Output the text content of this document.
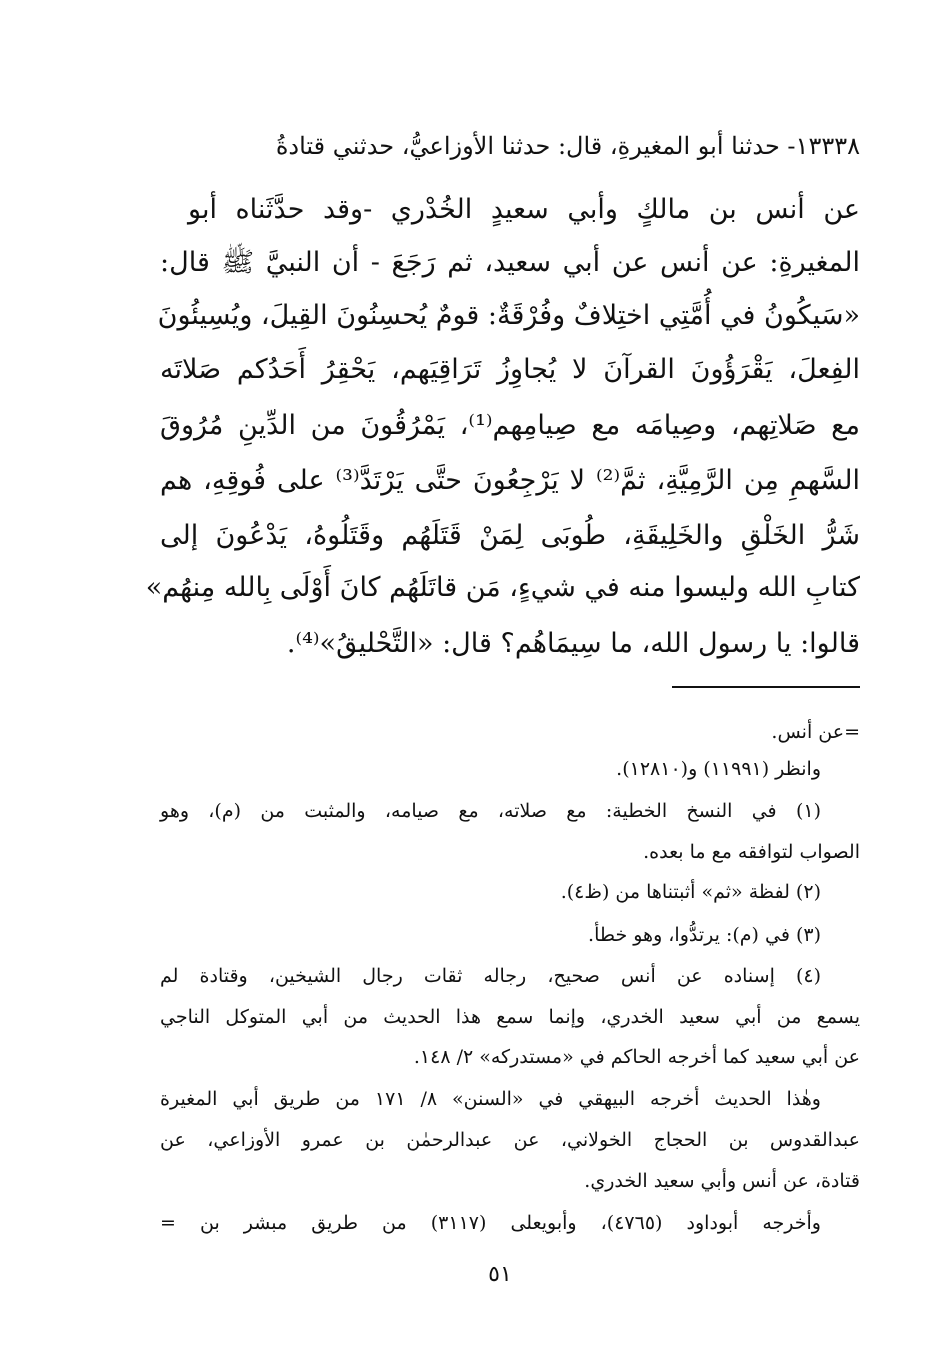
١٣٣٣٨- حدثنا أبو المغيرةِ، قال: حدثنا الأوزاعيُّ، حدثني قتادةُ
عن أنس بن مالكٍ وأبي سعيدٍ الخُدْري -وقد حدَّثَناه أبو
المغيرةِ: عن أنس عن أبي سعيد، ثم رَجَعَ - أن النبيَّ ﷺ قال:
«سَيكُونُ في أُمَّتِي اختِلافٌ وفُرْقَةٌ: قومٌ يُحسِنُونَ القِيلَ، ويُسِيئُونَ
الفِعلَ، يَقْرَؤُونَ القرآنَ لا يُجاوِزُ تَرَاقِيَهم، يَحْقِرُ أَحَدُكم صَلاتَه
مع صَلاتِهم، وصِيامَه مع صِيامِهم⁽¹⁾، يَمْرُقُونَ من الدِّينِ مُرُوقَ
السَّهمِ مِن الرَّمِيَّةِ، ثمَّ⁽²⁾ لا يَرْجِعُونَ حتَّى يَرْتَدَّ⁽³⁾ على فُوقِهِ، هم
شَرُّ الخَلْقِ والخَلِيقَةِ، طُوبَى لِمَنْ قَتَلَهُم وقَتَلُوهُ، يَدْعُونَ إلى
كتابِ الله وليسوا منه في شيءٍ، مَن قاتَلَهُم كانَ أَوْلَى بِالله مِنهُم»
قالوا: يا رسول الله، ما سِيمَاهُم؟ قال: «التَّحْليقُ»⁽⁴⁾.
=عن أنس.
وانظر (١١٩٩١) و(١٢٨١٠).
(١) في النسخ الخطية: مع صلاته، مع صيامه، والمثبت من (م)، وهو
الصواب لتوافقه مع ما بعده.
(٢) لفظة «ثم» أثبتناها من (ظ٤).
(٣) في (م): يرتدُّوا، وهو خطأ.
(٤) إسناده عن أنس صحيح، رجاله ثقات رجال الشيخين، وقتادة لم
يسمع من أبي سعيد الخدري، وإنما سمع هذا الحديث من أبي المتوكل الناجي
عن أبي سعيد كما أخرجه الحاكم في «مستدركه» ٢/ ١٤٨.
وهٰذا الحديث أخرجه البيهقي في «السنن» ٨/ ١٧١ من طريق أبي المغيرة
عبدالقدوس بن الحجاج الخولاني، عن عبدالرحمٰن بن عمرو الأوزاعي، عن
قتادة، عن أنس وأبي سعيد الخدري.
وأخرجه أبوداود (٤٧٦٥)، وأبويعلى (٣١١٧) من طريق مبشر بن =
٥١
